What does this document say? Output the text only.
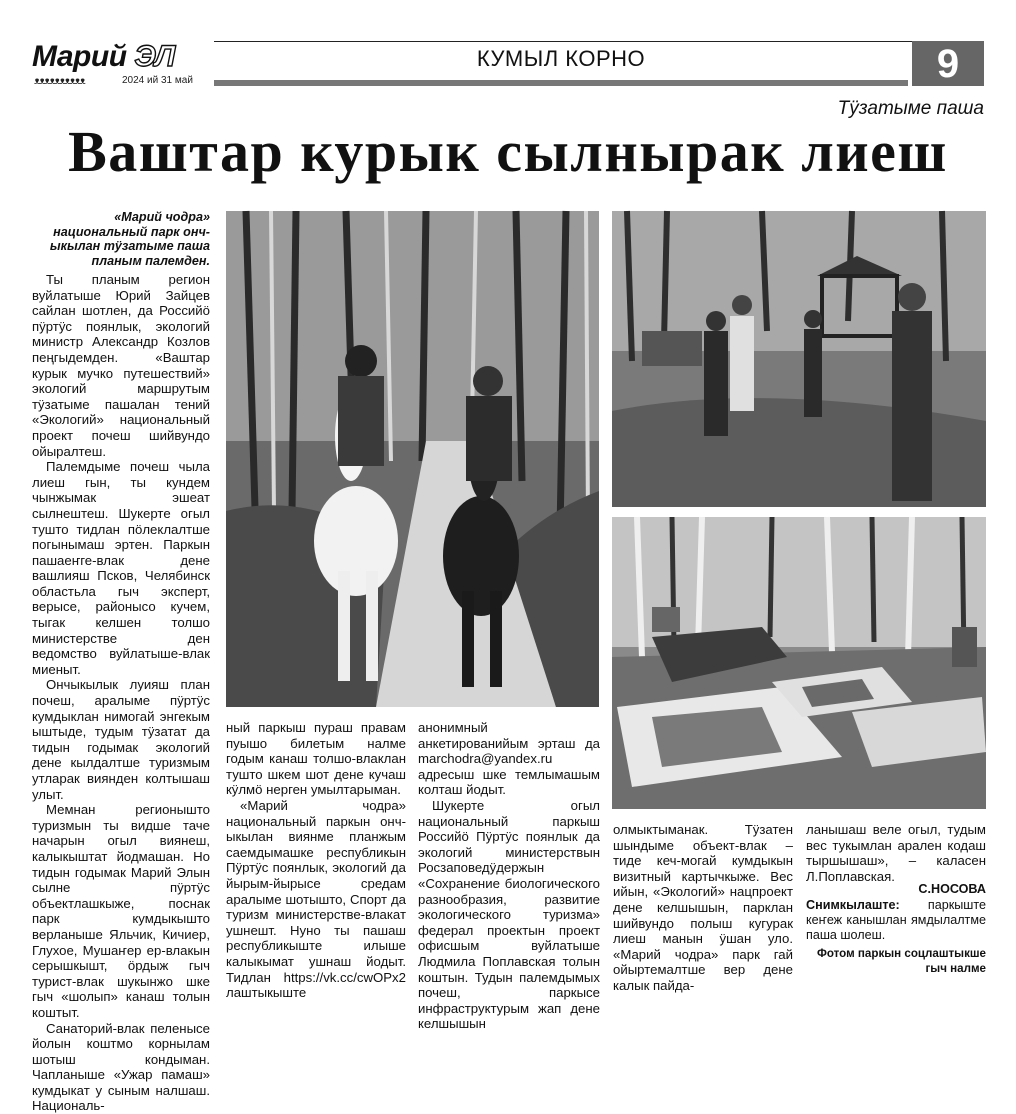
Марий ЭЛ
ᴥᴥᴥᴥᴥᴥᴥᴥᴥᴥ	2024 ий 31 май
КУМЫЛ КОРНО	9
Тӱзатыме паша
Ваштар курык сылнырак лиеш
«Марий чодра» национальный парк ончыкылан тӱзатыме паша планым палемден.

Ты планым регион вуйлатыше Юрий Зайцев сайлан шотлен, да Российӧ пӱртӱс поянлык, экологий министр Александр Козлов пеңгыдемден. «Ваштар курык мучко путешествий» экологий маршрутым тӱзатыме пашалан тений «Экологий» национальный проект почеш шийвундо ойыралтеш.

Палемдыме почеш чыла лиеш гын, ты кундем чынжымак эшеат сылнештеш. Шукерте огыл тушто тидлан пӧлеклалтше погынымаш эртен. Паркын пашаеҥге-влак дене вашлияш Псков, Челябинск областьла гыч эксперт, верысе, районысо кучем, тыгак келшен толшо министерстве ден ведомство вуйлатыше-влак миеныт.

Ончыкылык луияш план почеш, аралыме пӱртӱс кумдыклан нимогай энгекым ыштыде, тудым тӱзатат да тидын годымак экологий дене кылдалтше туризмым утларак виянден колтышаш улыт.

Мемнан регионышто туризмын ты видше таче начарын огыл виянеш, калыкыштат йодмашан. Но тидын годымак Марий Элын сылне пӱртӱс объектлашкыже, поснак парк кумдыкышто верланыше Яльчик, Кичиер, Глухое, Мушаҥер ер-влакын серышкышт, ӧрдыж гыч турист-влак шукынжо шке гыч «шолып» канаш толын коштыт.

Санаторий-влак пеленысе йолын коштмо корнылам шотыш кондыман. Чапланыше «Ужар памаш» кумдыкат у сыным налшаш. Националь-

ный паркыш пураш правам пуышо билетым налме годым канаш толшо-влаклан тушто шкем шот дене кучаш кӱлмӧ нерген умылтарыман.

«Марий чодра» национальный паркын ончыкылан виянме планжым саемдымашке республикын Пӱртӱс поянлык, экологий да йырым-йырысе средам аралыме шотышто, Спорт да туризм министерстве-влакат ушнешт. Нуно ты пашаш республикыште илыше калыкымат ушнаш йодыт. Тидлан https://vk.cc/cwOPx2 лаштыкыште

анонимный анкетированийым эрташ да marchodra@yandex.ru адресыш шке темлымашым колташ йодыт.

Шукерте огыл национальный паркыш Российӧ Пӱртӱс поянлык да экологий министерствын Росзаповедӱдержын «Сохранение биологического разнообразия, развитие экологического туризма» федерал проектын проект офисшым вуйлатыше Людмила Поплавская толын коштын. Тудын палемдымых почеш, паркысе инфраструктурым жап дене келшышын

олмыктыманак. Тӱзатен шындыме объект-влак – тиде кеч-могай кумдыкын визитный картычкыже. Вес ийын, «Экологий» нацпроект дене келшышын, парклан шийвундо полыш кугурак лиеш манын ӱшан уло. «Марий чодра» парк гай ойыртемалтше вер дене калык пайда-

ланышаш веле огыл, тудым вес тукымлан арален кодаш тыршышаш», – каласен Л.Поплавская.

С.НОСОВА
Снимкылаште: паркыште кеҥеж канышлан ямдылалтме паша шолеш.
Фотом паркын соцлаштыкше гыч налме
